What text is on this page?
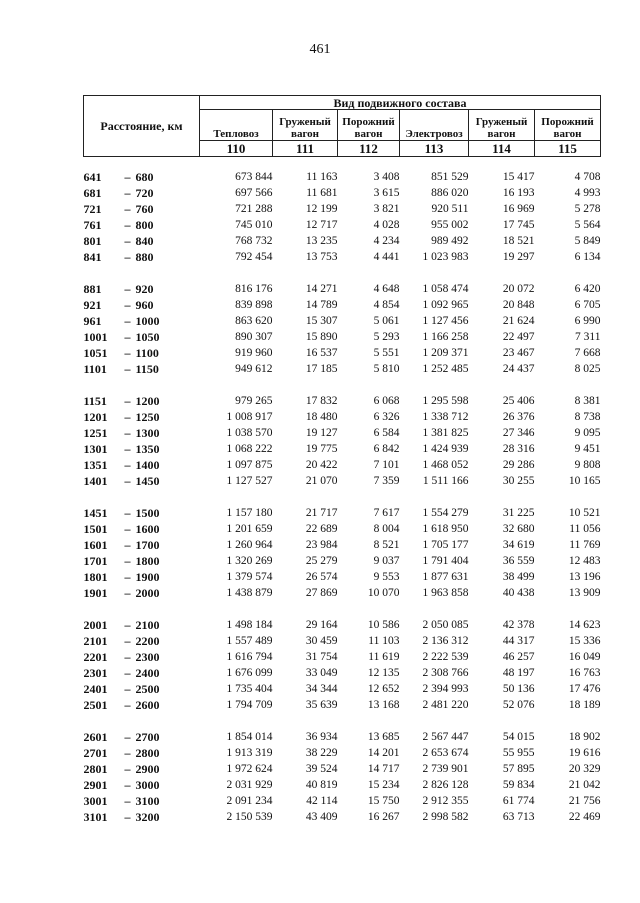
461
Расстояние, км	Вид подвижного состава					
	Тепловоз	Груженый вагон	Порожний вагон	Электровоз	Груженый вагон	Порожний вагон
	110	111	112	113	114	115

641 – 680	673 844	11 163	3 408	851 529	15 417	4 708
681 – 720	697 566	11 681	3 615	886 020	16 193	4 993
721 – 760	721 288	12 199	3 821	920 511	16 969	5 278
761 – 800	745 010	12 717	4 028	955 002	17 745	5 564
801 – 840	768 732	13 235	4 234	989 492	18 521	5 849
841 – 880	792 454	13 753	4 441	1 023 983	19 297	6 134

881 – 920	816 176	14 271	4 648	1 058 474	20 072	6 420
921 – 960	839 898	14 789	4 854	1 092 965	20 848	6 705
961 – 1000	863 620	15 307	5 061	1 127 456	21 624	6 990
1001 – 1050	890 307	15 890	5 293	1 166 258	22 497	7 311
1051 – 1100	919 960	16 537	5 551	1 209 371	23 467	7 668
1101 – 1150	949 612	17 185	5 810	1 252 485	24 437	8 025

1151 – 1200	979 265	17 832	6 068	1 295 598	25 406	8 381
1201 – 1250	1 008 917	18 480	6 326	1 338 712	26 376	8 738
1251 – 1300	1 038 570	19 127	6 584	1 381 825	27 346	9 095
1301 – 1350	1 068 222	19 775	6 842	1 424 939	28 316	9 451
1351 – 1400	1 097 875	20 422	7 101	1 468 052	29 286	9 808
1401 – 1450	1 127 527	21 070	7 359	1 511 166	30 255	10 165

1451 – 1500	1 157 180	21 717	7 617	1 554 279	31 225	10 521
1501 – 1600	1 201 659	22 689	8 004	1 618 950	32 680	11 056
1601 – 1700	1 260 964	23 984	8 521	1 705 177	34 619	11 769
1701 – 1800	1 320 269	25 279	9 037	1 791 404	36 559	12 483
1801 – 1900	1 379 574	26 574	9 553	1 877 631	38 499	13 196
1901 – 2000	1 438 879	27 869	10 070	1 963 858	40 438	13 909

2001 – 2100	1 498 184	29 164	10 586	2 050 085	42 378	14 623
2101 – 2200	1 557 489	30 459	11 103	2 136 312	44 317	15 336
2201 – 2300	1 616 794	31 754	11 619	2 222 539	46 257	16 049
2301 – 2400	1 676 099	33 049	12 135	2 308 766	48 197	16 763
2401 – 2500	1 735 404	34 344	12 652	2 394 993	50 136	17 476
2501 – 2600	1 794 709	35 639	13 168	2 481 220	52 076	18 189

2601 – 2700	1 854 014	36 934	13 685	2 567 447	54 015	18 902
2701 – 2800	1 913 319	38 229	14 201	2 653 674	55 955	19 616
2801 – 2900	1 972 624	39 524	14 717	2 739 901	57 895	20 329
2901 – 3000	2 031 929	40 819	15 234	2 826 128	59 834	21 042
3001 – 3100	2 091 234	42 114	15 750	2 912 355	61 774	21 756
3101 – 3200	2 150 539	43 409	16 267	2 998 582	63 713	22 469
